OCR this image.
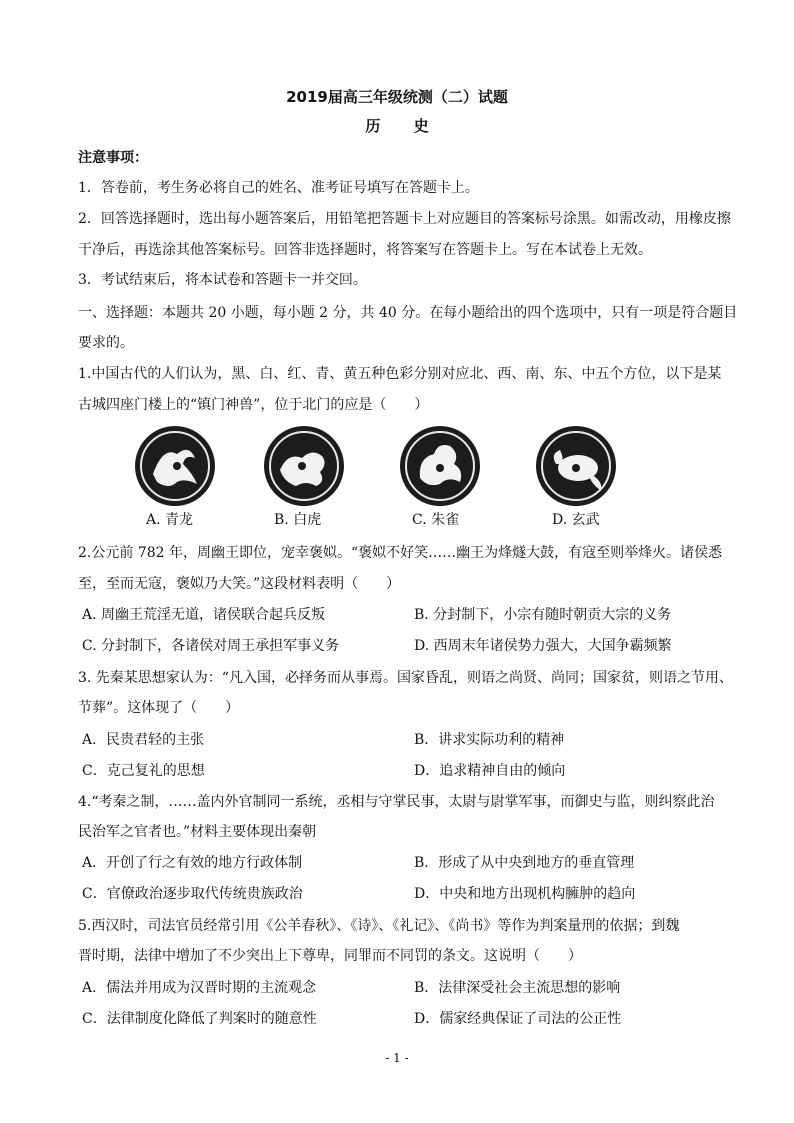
2019届高三年级统测（二）试题
历 史
注意事项：
1．答卷前，考生务必将自己的姓名、准考证号填写在答题卡上。
2．回答选择题时，选出每小题答案后，用铅笔把答题卡上对应题目的答案标号涂黑。如需改动，用橡皮擦
干净后，再选涂其他答案标号。回答非选择题时，将答案写在答题卡上。写在本试卷上无效。
3．考试结束后，将本试卷和答题卡一并交回。
一、选择题：本题共 20 小题，每小题 2 分，共 40 分。在每小题给出的四个选项中，只有一项是符合题目
要求的。
1.中国古代的人们认为，黑、白、红、青、黄五种色彩分别对应北、西、南、东、中五个方位，以下是某
古城四座门楼上的“镇门神兽”，位于北门的应是（　　）
A. 青龙	B. 白虎	C. 朱雀	D. 玄武
2.公元前 782 年，周幽王即位，宠幸褒姒。“褒姒不好笑……幽王为烽燧大鼓，有寇至则举烽火。诸侯悉
至，至而无寇，褒姒乃大笑。”这段材料表明（　　）
A. 周幽王荒淫无道，诸侯联合起兵反叛	B. 分封制下，小宗有随时朝贡大宗的义务
C. 分封制下，各诸侯对周王承担军事义务	D. 西周末年诸侯势力强大，大国争霸频繁
3. 先秦某思想家认为：“凡入国，必择务而从事焉。国家昏乱，则语之尚贤、尚同；国家贫，则语之节用、
节葬”。这体现了（　　）
A．民贵君轻的主张	B．讲求实际功利的精神
C．克己复礼的思想	D．追求精神自由的倾向
4.“考秦之制，……盖内外官制同一系统，丞相与守掌民事，太尉与尉掌军事，而御史与监，则纠察此治
民治军之官者也。”材料主要体现出秦朝
A．开创了行之有效的地方行政体制	B．形成了从中央到地方的垂直管理
C．官僚政治逐步取代传统贵族政治	D．中央和地方出现机构臃肿的趋向
5.西汉时，司法官员经常引用《公羊春秋》、《诗》、《礼记》、《尚书》等作为判案量刑的依据；到魏
晋时期，法律中增加了不少突出上下尊卑，同罪而不同罚的条文。这说明（　　）
A．儒法并用成为汉晋时期的主流观念	B．法律深受社会主流思想的影响
C．法律制度化降低了判案时的随意性	D．儒家经典保证了司法的公正性
- 1 -
